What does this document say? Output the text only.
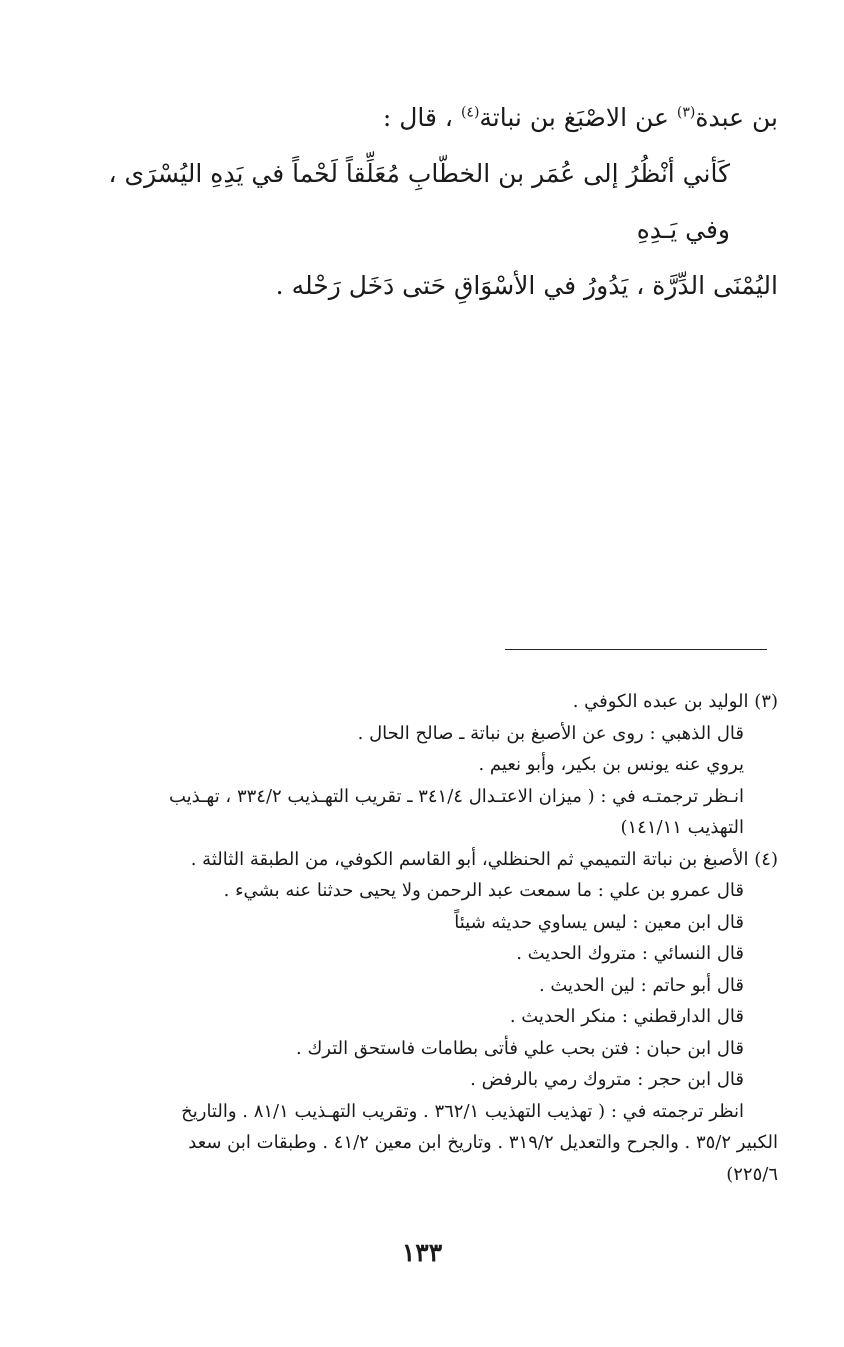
بن عبدة$^{(٣)}$ عن الاصْبَغ بن نباتة$^{(٤)}$ ، قال :

كَأني أنْظُرُ إلى عُمَر بن الخطّابِ مُعَلِّقاً لَحْماً في يَدِهِ اليُسْرَى ، وفي يَـدِهِ

اليُمْنَى الدِّرَّة ، يَدُورُ في الأسْوَاقِ حَتى دَخَل رَحْله .

(٣) الوليد بن عبده الكوفي .

قال الذهبي : روى عن الأصبغ بن نباتة ـ صالح الحال .

يروي عنه يونس بن بكير، وأبو نعيم .

انـظر ترجمتـه في : ( ميزان الاعتـدال ٣٤١/٤ ـ تقريب التهـذيب ٣٣٤/٢ ، تهـذيب

التهذيب ١٤١/١١)

(٤) الأصبغ بن نباتة التميمي ثم الحنظلي، أبو القاسم الكوفي، من الطبقة الثالثة .

قال عمرو بن علي : ما سمعت عبد الرحمن ولا يحيى حدثنا عنه بشيء .

قال ابن معين : ليس يساوي حديثه شيئاً

قال النسائي : متروك الحديث .

قال أبو حاتم : لين الحديث .

قال الدارقطني : منكر الحديث .

قال ابن حبان : فتن بحب علي فأتى بطامات فاستحق الترك .

قال ابن حجر : متروك رمي بالرفض .

انظر ترجمته في : ( تهذيب التهذيب ٣٦٢/١ . وتقريب التهـذيب ٨١/١ . والتاريخ

الكبير ٣٥/٢ . والجرح والتعديل ٣١٩/٢ . وتاريخ ابن معين ٤١/٢ . وطبقات ابن سعد

٢٢٥/٦)

١٣٣
